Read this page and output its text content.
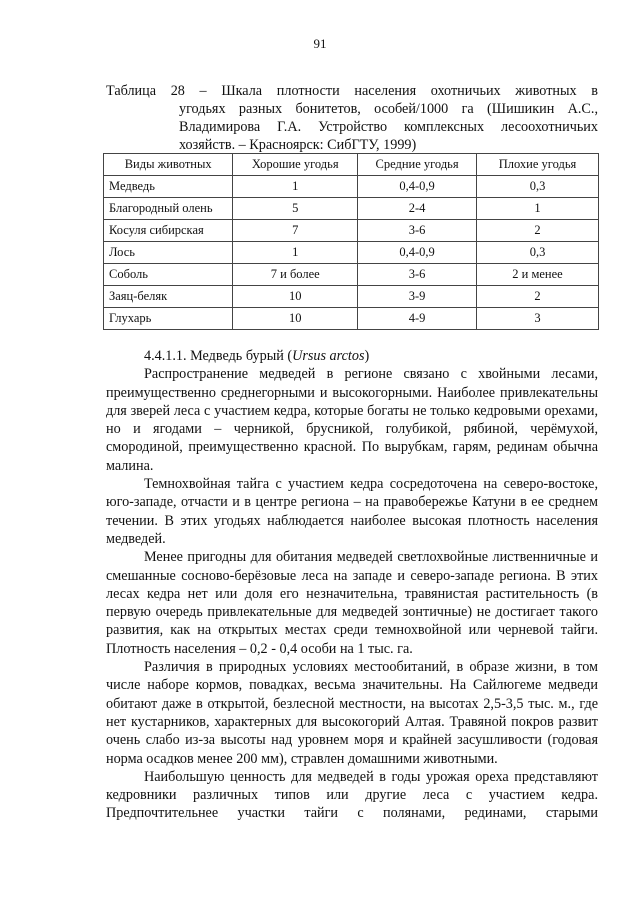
91
Таблица 28 – Шкала плотности населения охотничьих животных в
угодьях разных бонитетов, особей/1000 га (Шишикин А.С.,
Владимирова Г.А. Устройство комплексных лесоохотничьих
хозяйств. – Красноярск: СибГТУ, 1999)
Виды животных	Хорошие угодья	Средние угодья	Плохие угодья
Медведь	1	0,4-0,9	0,3
Благородный олень	5	2-4	1
Косуля сибирская	7	3-6	2
Лось	1	0,4-0,9	0,3
Соболь	7 и более	3-6	2 и менее
Заяц-беляк	10	3-9	2
Глухарь	10	4-9	3

4.4.1.1. Медведь бурый (Ursus arctos)

Распространение медведей в регионе связано с хвойными лесами, преимущественно среднегорными и высокогорными. Наиболее привлекательны для зверей леса с участием кедра, которые богаты не только кедровыми орехами, но и ягодами – черникой, брусникой, голубикой, рябиной, черёмухой, смородиной, преимущественно красной. По вырубкам, гарям, рединам обычна малина.

Темнохвойная тайга с участием кедра сосредоточена на северо-востоке, юго-западе, отчасти и в центре региона – на правобережье Катуни в ее среднем течении. В этих угодьях наблюдается наиболее высокая плотность населения медведей.

Менее пригодны для обитания медведей светлохвойные лиственничные и смешанные сосново-берёзовые леса на западе и северо-западе региона. В этих лесах кедра нет или доля его незначительна, травянистая растительность (в первую очередь привлекательные для медведей зонтичные) не достигает такого развития, как на открытых местах среди темнохвойной или черневой тайги. Плотность населения – 0,2 - 0,4 особи на 1 тыс. га.

Различия в природных условиях местообитаний, в образе жизни, в том числе наборе кормов, повадках, весьма значительны. На Сайлюгеме медведи обитают даже в открытой, безлесной местности, на высотах 2,5-3,5 тыс. м., где нет кустарников, характерных для высокогорий Алтая. Травяной покров развит очень слабо из-за высоты над уровнем моря и крайней засушливости (годовая норма осадков менее 200 мм), стравлен домашними животными.

Наибольшую ценность для медведей в годы урожая ореха представляют кедровники различных типов или другие леса с участием кедра. Предпочтительнее участки тайги с полянами, рединами, старыми
